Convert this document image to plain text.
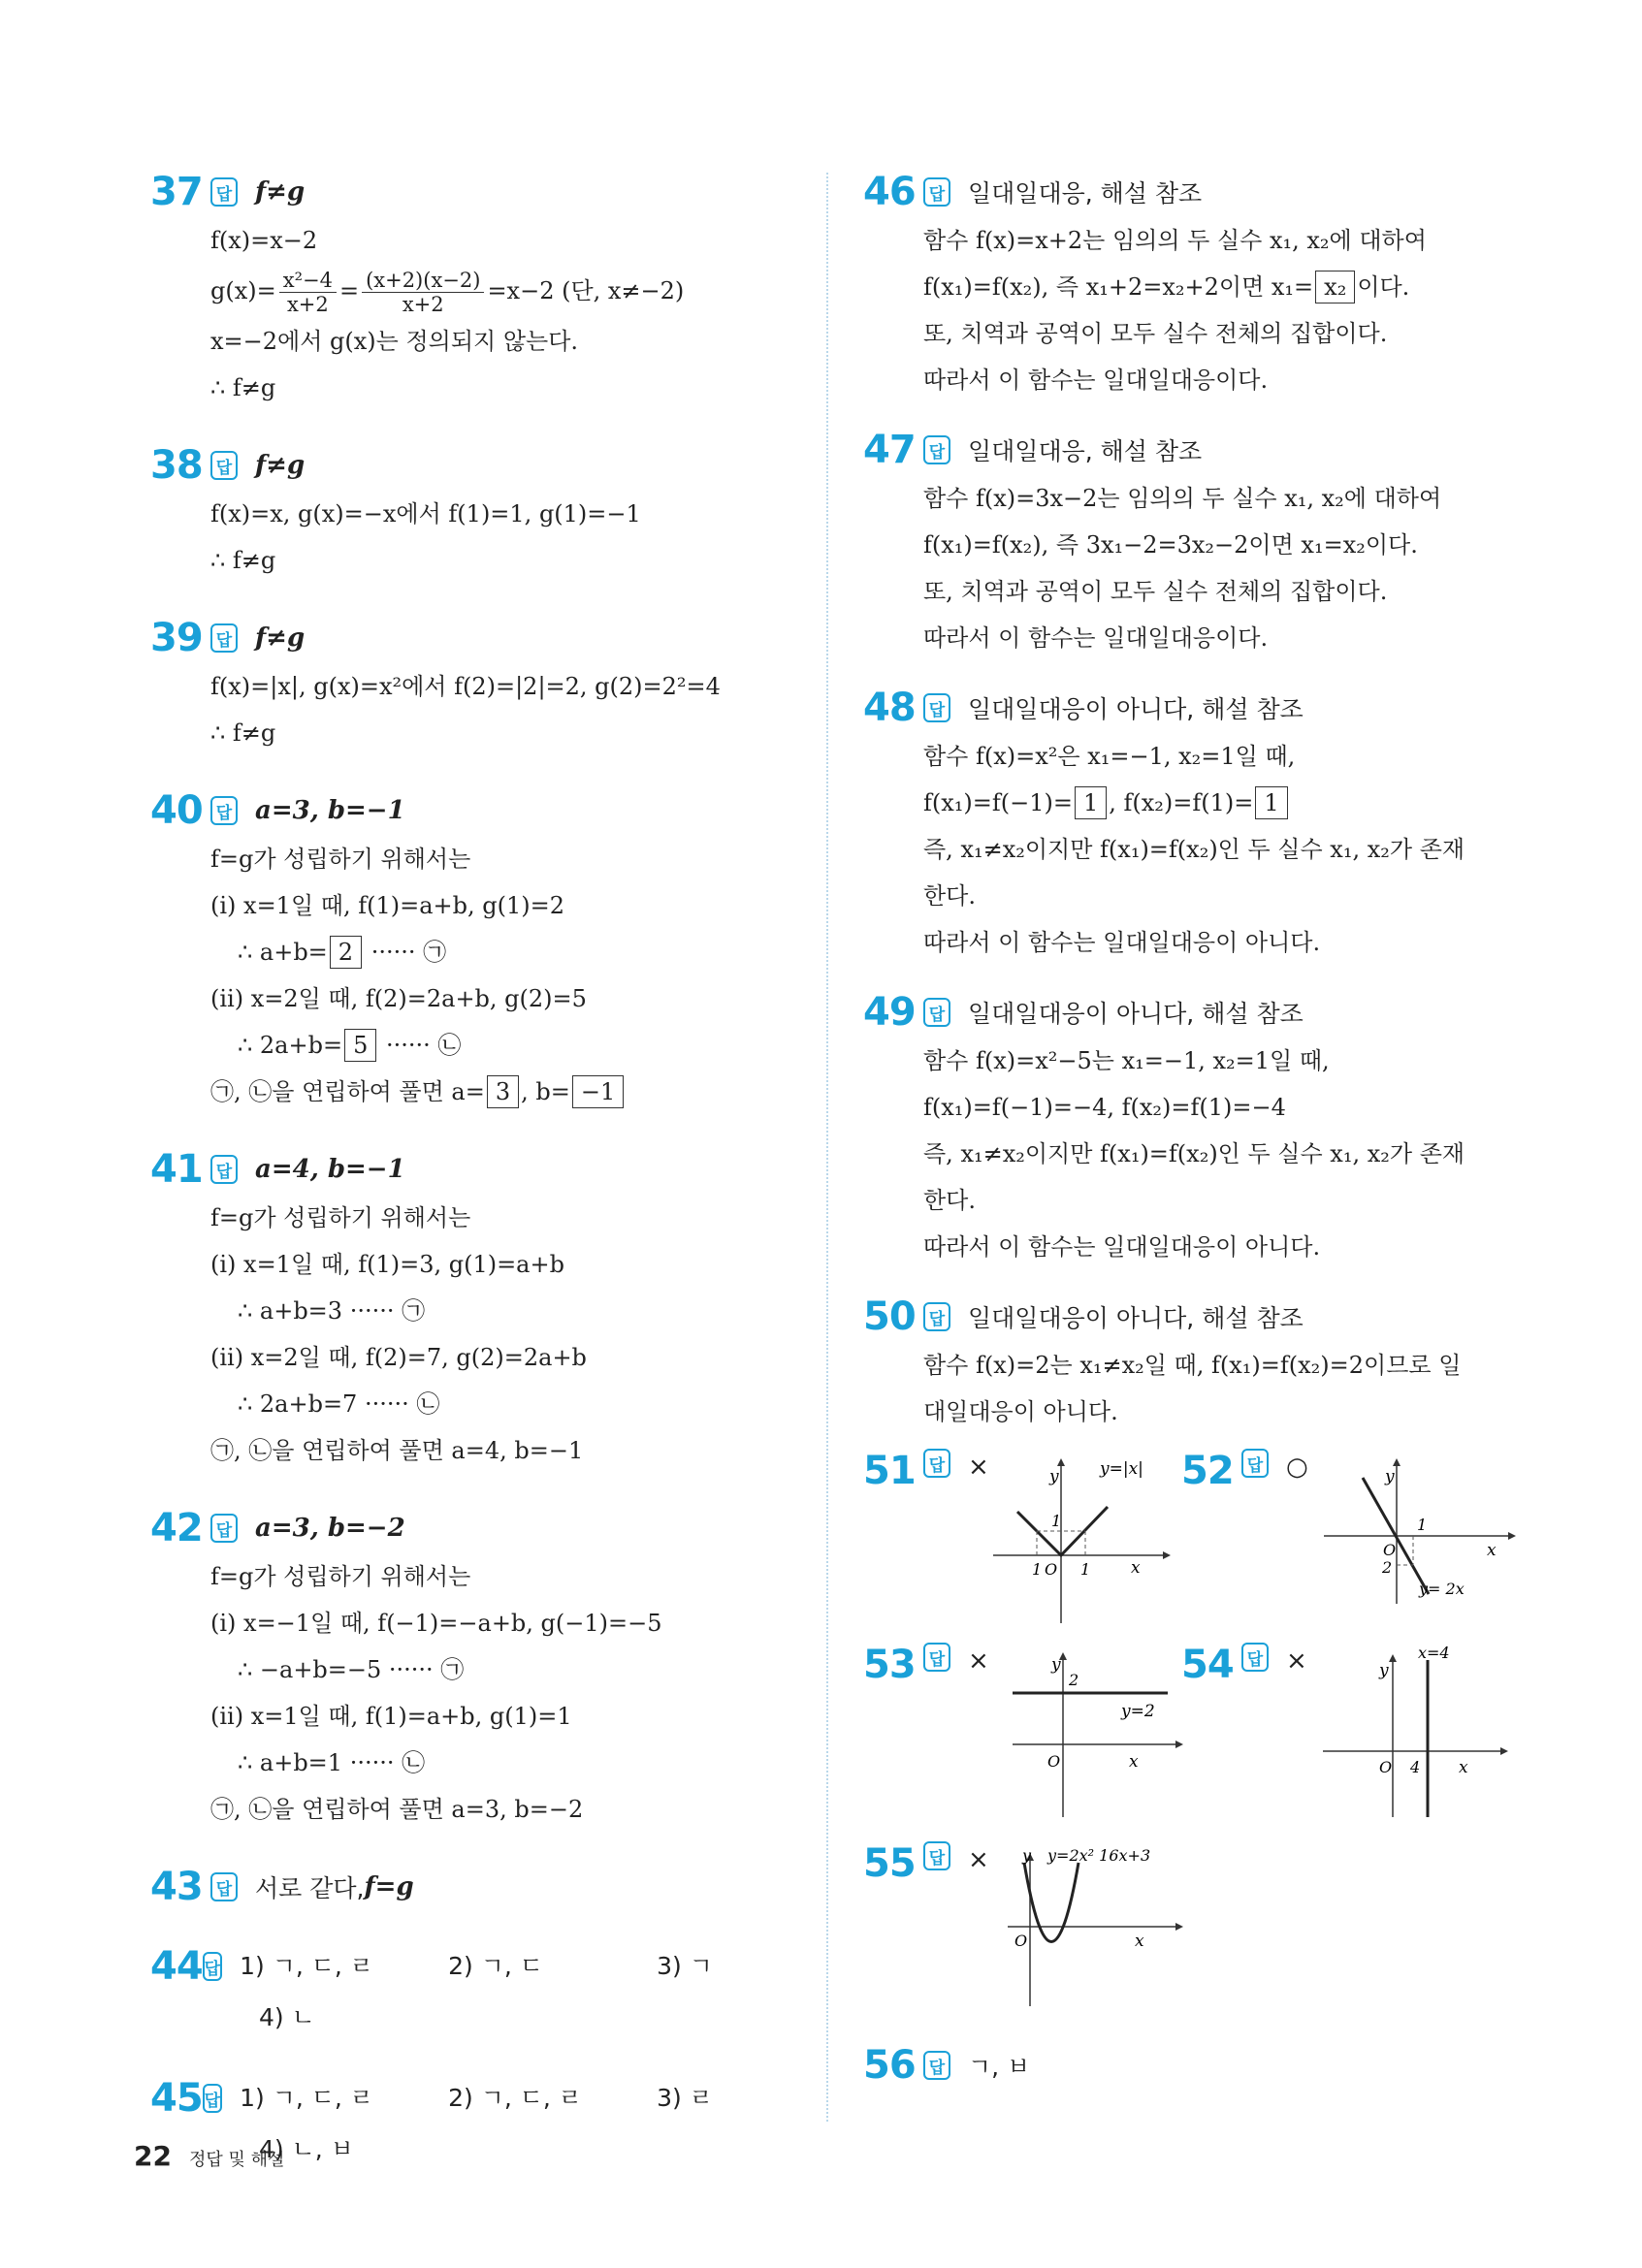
37 답 f≠g
f(x)=x−2
$g(x)= \frac{\text{x²−4}}{x+2} = \frac{(x+2)(x-2)}{x+2} =x-2$ (단, x≠−2)
x=−2에서 g(x)는 정의되지 않는다.
∴ f≠g
38 답 f≠g
f(x)=x, g(x)=−x에서 f(1)=1, g(1)=−1
∴ f≠g
39 답 f≠g
f(x)=|x|, g(x)=x²에서 f(2)=|2|=2, g(2)=2²=4
∴ f≠g
40 답 a=3, b=−1
f=g가 성립하기 위해서는
(ⅰ) x=1일 때, f(1)=a+b, g(1)=2
∴ a+b= 2 ······ ㉠
(ⅱ) x=2일 때, f(2)=2a+b, g(2)=5
∴ 2a+b= 5 ······ ㉡
㉠, ㉡을 연립하여 풀면 a= 3 , b= −1
41 답 a=4, b=−1
f=g가 성립하기 위해서는
(ⅰ) x=1일 때, f(1)=3, g(1)=a+b
∴ a+b=3 ······ ㉠
(ⅱ) x=2일 때, f(2)=7, g(2)=2a+b
∴ 2a+b=7 ······ ㉡
㉠, ㉡을 연립하여 풀면 a=4, b=−1
42 답 a=3, b=−2
f=g가 성립하기 위해서는
(ⅰ) x=−1일 때, f(−1)=−a+b, g(−1)=−5
∴ −a+b=−5 ······ ㉠
(ⅱ) x=1일 때, f(1)=a+b, g(1)=1
∴ a+b=1 ······ ㉡
㉠, ㉡을 연립하여 풀면 a=3, b=−2
43 답 서로 같다, f=g
44 답 1) ㄱ, ㄷ, ㄹ	2) ㄱ, ㄷ	3) ㄱ
4) ㄴ
45 답 1) ㄱ, ㄷ, ㄹ	2) ㄱ, ㄷ, ㄹ	3) ㄹ
4) ㄴ, ㅂ
46 답 일대일대응, 해설 참조
함수 f(x)=x+2는 임의의 두 실수 x₁, x₂에 대하여
f(x₁)=f(x₂), 즉 x₁+2=x₂+2이면 x₁= x₂ 이다.
또, 치역과 공역이 모두 실수 전체의 집합이다.
따라서 이 함수는 일대일대응이다.
47 답 일대일대응, 해설 참조
함수 f(x)=3x−2는 임의의 두 실수 x₁, x₂에 대하여
f(x₁)=f(x₂), 즉 3x₁−2=3x₂−2이면 x₁=x₂이다.
또, 치역과 공역이 모두 실수 전체의 집합이다.
따라서 이 함수는 일대일대응이다.
48 답 일대일대응이 아니다, 해설 참조
함수 f(x)=x²은 x₁=−1, x₂=1일 때,
f(x₁)=f(−1)= 1 , f(x₂)=f(1)= 1
즉, x₁≠x₂이지만 f(x₁)=f(x₂)인 두 실수 x₁, x₂가 존재
한다.
따라서 이 함수는 일대일대응이 아니다.
49 답 일대일대응이 아니다, 해설 참조
함수 f(x)=x²−5는 x₁=−1, x₂=1일 때,
f(x₁)=f(−1)=−4, f(x₂)=f(1)=−4
즉, x₁≠x₂이지만 f(x₁)=f(x₂)인 두 실수 x₁, x₂가 존재
한다.
따라서 이 함수는 일대일대응이 아니다.
50 답 일대일대응이 아니다, 해설 참조
함수 f(x)=2는 x₁≠x₂일 때, f(x₁)=f(x₂)=2이므로 일
대일대응이 아니다.
51 답 ×	y y=|x|
1
1 O 1 x
52 답 ○	y
1
O
2
x
y= 2x
53 답 ×	y
2
y=2
O	x
54 답 ×	y
x=4
O 4 x
55 답 × y y=2x² 16x+3
O	x
56 답 ㄱ, ㅂ
22 정답 및 해설
